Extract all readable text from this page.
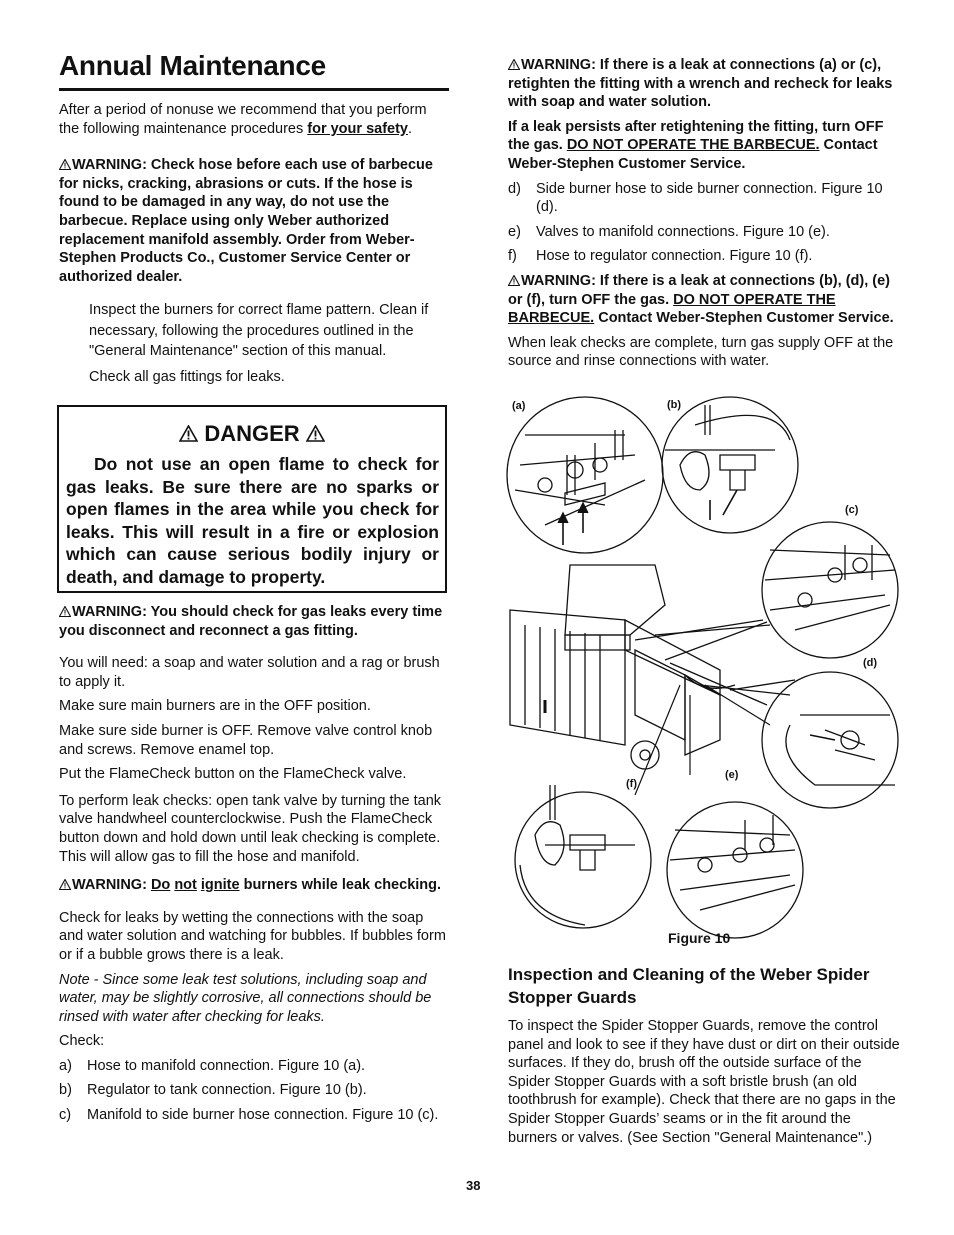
Annual Maintenance

After a period of nonuse we recommend that you perform the following maintenance procedures for your safety.

WARNING: Check hose before each use of barbecue for nicks, cracking, abrasions or cuts. If the hose is found to be damaged in any way, do not use the barbecue. Replace using only Weber authorized replacement manifold assembly. Order from Weber-Stephen Products Co., Customer Service Center or authorized dealer.

Inspect the burners for correct flame pattern. Clean if necessary, following the procedures outlined in the "General Maintenance" section of this manual.

Check all gas fittings for leaks.

DANGER

Do not use an open flame to check for gas leaks. Be sure there are no sparks or open flames in the area while you check for leaks. This will result in a fire or explosion which can cause serious bodily injury or death, and damage to property.

WARNING: You should check for gas leaks every time you disconnect and reconnect a gas fitting.

You will need: a soap and water solution and a rag or brush to apply it.

Make sure main burners are in the OFF position.

Make sure side burner is OFF. Remove valve control knob and screws. Remove enamel top.

Put the FlameCheck button on the FlameCheck valve.

To perform leak checks: open tank valve by turning the tank valve handwheel counterclockwise. Push the FlameCheck button down and hold down until leak checking is complete. This will allow gas to fill the hose and manifold.

WARNING: Do not ignite burners while leak checking.

Check for leaks by wetting the connections with the soap and water solution and watching for bubbles. If bubbles form or if a bubble grows there is a leak.

Note - Since some leak test solutions, including soap and water, may be slightly corrosive, all connections should be rinsed with water after checking for leaks.

Check:

a)	Hose to manifold connection. Figure 10 (a).
b)	Regulator to tank connection. Figure 10 (b).
c)	Manifold to side burner hose connection. Figure 10 (c).

WARNING: If there is a leak at connections (a) or (c), retighten the fitting with a wrench and recheck for leaks with soap and water solution.

If a leak persists after retightening the fitting, turn OFF the gas. DO NOT OPERATE THE BARBECUE. Contact Weber-Stephen Customer Service.

d)	Side burner hose to side burner connection. Figure 10 (d).
e)	Valves to manifold connections. Figure 10 (e).
f)	Hose to regulator connection. Figure 10 (f).

WARNING: If there is a leak at connections (b), (d), (e) or (f), turn OFF the gas. DO NOT OPERATE THE BARBECUE. Contact Weber-Stephen Customer Service.

When leak checks are complete, turn gas supply OFF at the source and rinse connections with water.

(a)	(b)
(c)
(d)
(e)
(f)
Figure 10
Inspection and Cleaning of the Weber Spider Stopper Guards

To inspect the Spider Stopper Guards, remove the control panel and look to see if they have dust or dirt on their outside surfaces. If they do, brush off the outside surface of the Spider Stopper Guards with a soft bristle brush (an old toothbrush for example). Check that there are no gaps in the Spider Stopper Guards’ seams or in the fit around the burners or valves. (See Section "General Maintenance".)

38
